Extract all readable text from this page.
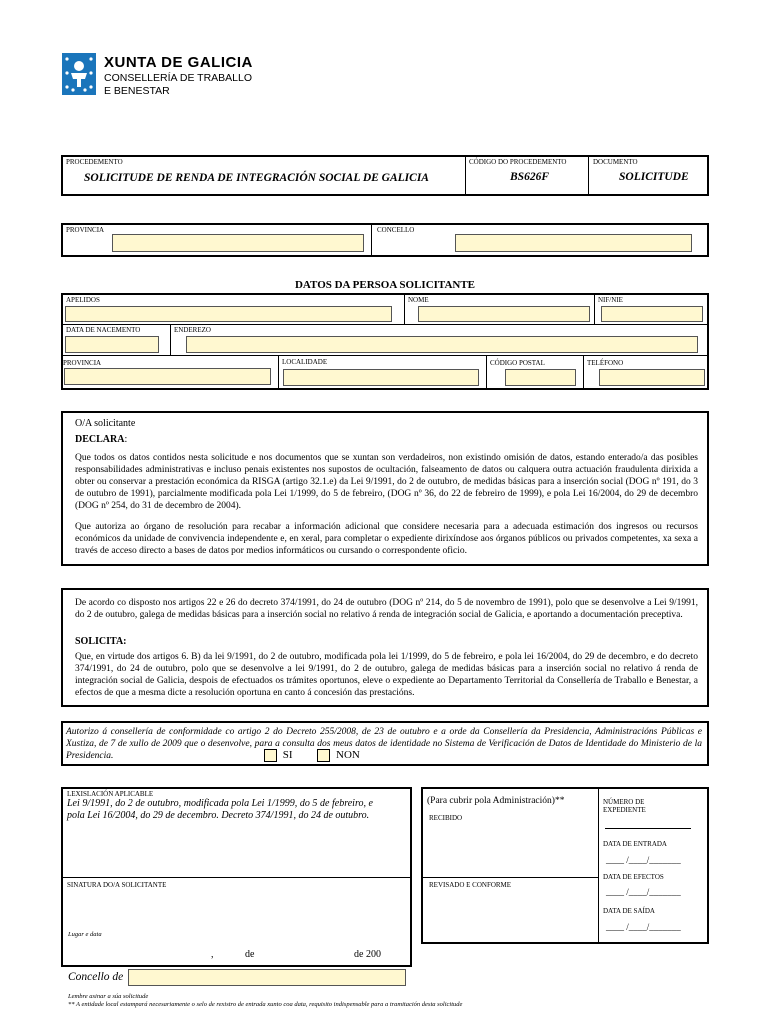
XUNTA DE GALICIA
CONSELLERÍA DE TRABALLO
E BENESTAR
PROCEDEMENTO
SOLICITUDE DE RENDA DE INTEGRACIÓN SOCIAL DE GALICIA
CÓDIGO DO PROCEDEMENTO
BS626F
DOCUMENTO
SOLICITUDE
PROVINCIA	CONCELLO
DATOS DA PERSOA SOLICITANTE
APELIDOS	NOME	NIF/NIE
DATA DE NACEMENTO	ENDEREZO
PROVINCIA	LOCALIDADE	CÓDIGO POSTAL	TELÉFONO
O/A solicitante
DECLARA:
Que todos os datos contidos nesta solicitude e nos documentos que se xuntan son verdadeiros, non existindo omisión de datos, estando enterado/a das posibles responsabilidades administrativas e incluso penais existentes nos supostos de ocultación, falseamento de datos ou calquera outra actuación fraudulenta dirixida a obter ou conservar a prestación económica da RISGA (artigo 32.1.e) da Lei 9/1991, do 2 de outubro, de medidas básicas para a inserción social (DOG nº 191, do 3 de outubro de 1991), parcialmente modificada pola Lei 1/1999, do 5 de febreiro, (DOG nº 36, do 22 de febreiro de 1999), e pola Lei 16/2004, do 29 de decembro (DOG nº 254, do 31 de decembro de 2004).
Que autoriza ao órgano de resolución para recabar a información adicional que considere necesaria para a adecuada estimación dos ingresos ou recursos económicos da unidade de convivencia independente e, en xeral, para completar o expediente dirixíndose aos órganos públicos ou privados competentes, xa sexa a través de acceso directo a bases de datos por medios informáticos ou cursando o correspondente oficio.
De acordo co disposto nos artigos 22 e 26 do decreto 374/1991, do 24 de outubro (DOG nº 214, do 5 de novembro de 1991), polo que se desenvolve a Lei 9/1991, do 2 de outubro, galega de medidas básicas para a inserción social no relativo á renda de integración social de Galicia, e aportando a documentación preceptiva.
SOLICITA:
Que, en virtude dos artigos 6. B) da lei 9/1991, do 2 de outubro, modificada pola lei 1/1999, do 5 de febreiro, e pola lei 16/2004, do 29 de decembro, e do decreto 374/1991, do 24 de outubro, polo que se desenvolve a lei 9/1991, do 2 de outubro, galega de medidas básicas para a inserción social no relativo á renda de integración social de Galicia, despois de efectuados os trámites oportunos, eleve o expediente ao Departamento Territorial da Consellería de Traballo e Benestar, a efectos de que a mesma dicte a resolución oportuna en canto á concesión das prestacións.
Autorizo á consellería de conformidade co artigo 2 do Decreto 255/2008, de 23 de outubro e a orde da Consellería da Presidencia, Administracións Públicas e Xustiza, de 7 de xullo de 2009 que o desenvolve, para a consulta dos meus datos de identidade no Sistema de Verificación de Datos de Identidade do Ministerio de la Presidencia.	SI	NON
LEXISLACIÓN APLICABLE
Lei 9/1991, do 2 de outubro, modificada pola Lei 1/1999, do 5 de febreiro, e pola Lei 16/2004, do 29 de decembro. Decreto 374/1991, do 24 de outubro.
SINATURA DO/A SOLICITANTE
Lugar e data
,	de	de 200
(Para cubrir pola Administración)**
RECIBIDO
REVISADO E CONFORME
NÚMERO DE EXPEDIENTE
DATA DE ENTRADA
____ /____/_______
DATA DE EFECTOS
____ /____/_______
DATA DE SAÍDA
____ /____/_______
Concello de
Lembre asinar a súa solicitude
** A entidade local estampará necesariamente o selo de rexistro de entrada xunto coa data, requisito indispensable para a tramitación desta solicitude
